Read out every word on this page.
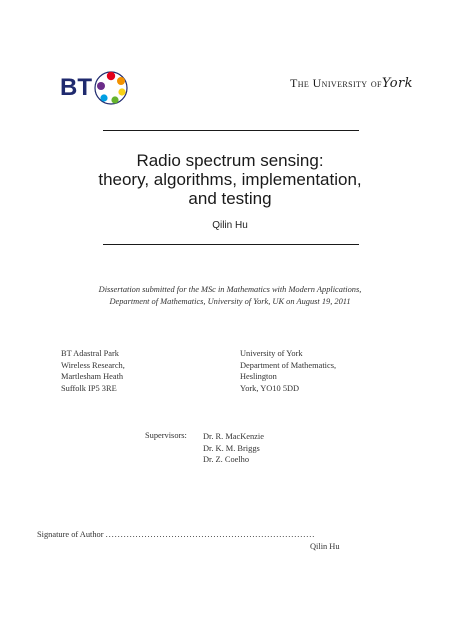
BT	The University ofYork
Radio spectrum sensing:
theory, algorithms, implementation,
and testing
Qilin Hu
Dissertation submitted for the MSc in Mathematics with Modern Applications,
Department of Mathematics, University of York, UK on August 19, 2011
BT Adastral Park
Wireless Research,
Martlesham Heath
Suffolk IP5 3RE
University of York
Department of Mathematics,
Heslington
York, YO10 5DD
Supervisors: Dr. R. MacKenzie
Dr. K. M. Briggs
Dr. Z. Coelho
Signature of Author ......................................................................
Qilin Hu
